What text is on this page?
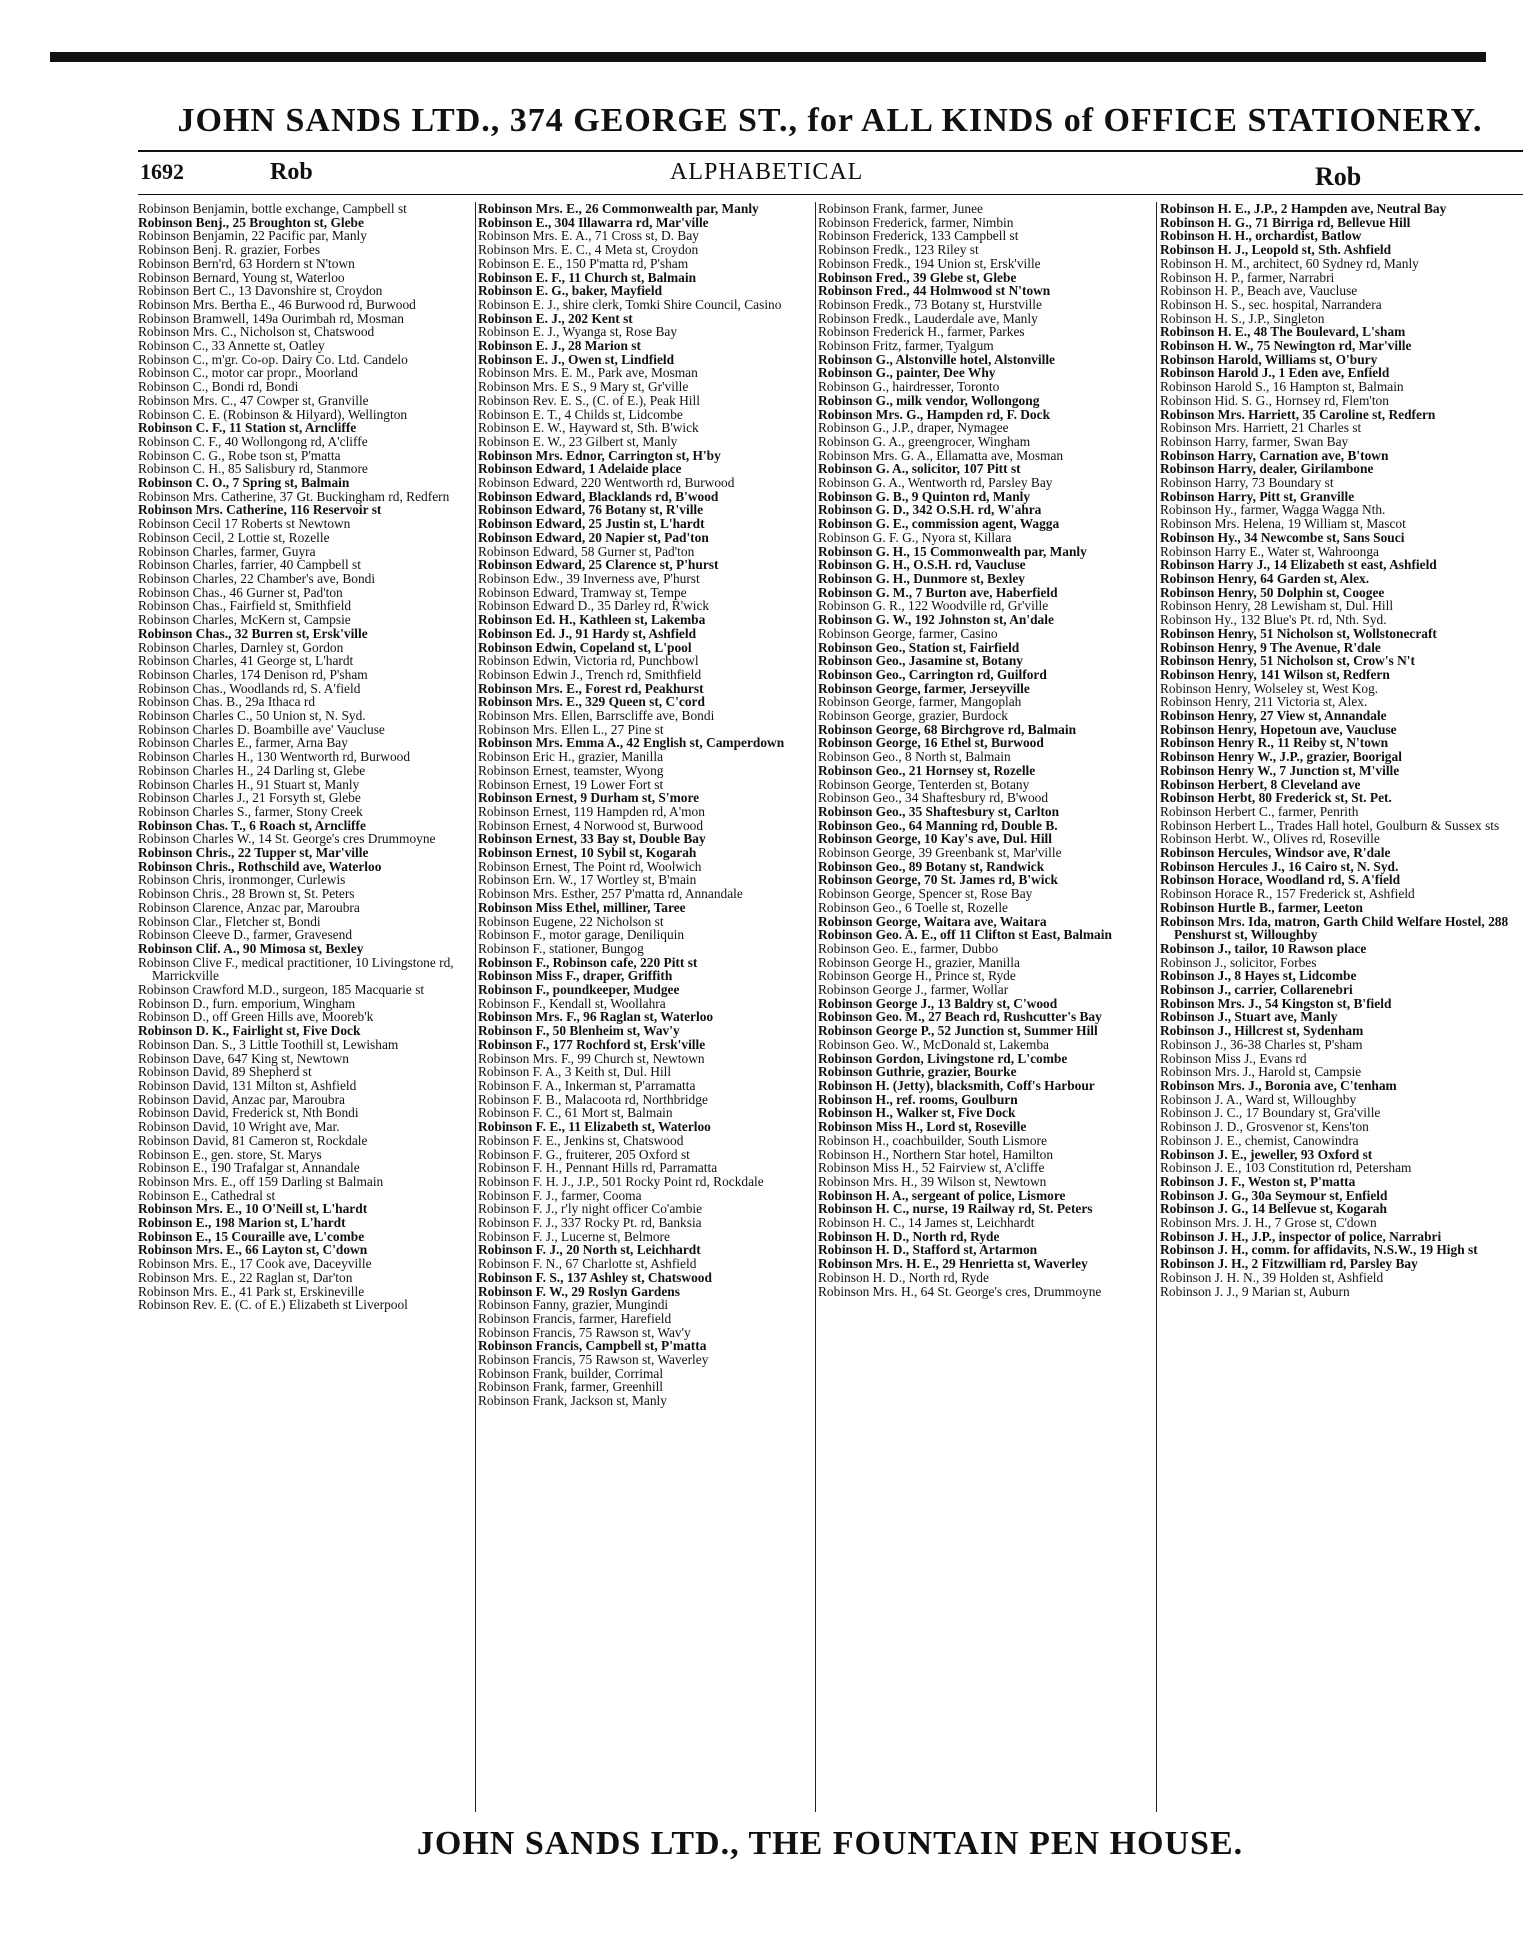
JOHN SANDS LTD., 374 GEORGE ST., for ALL KINDS of OFFICE STATIONERY.
1692	Rob	ALPHABETICAL	Rob

Robinson Benjamin, bottle exchange, Campbell st

Robinson Benj., 25 Broughton st, Glebe

Robinson Benjamin, 22 Pacific par, Manly

Robinson Benj. R. grazier, Forbes

Robinson Bern'rd, 63 Hordern st N'town

Robinson Bernard, Young st, Waterloo

Robinson Bert C., 13 Davonshire st, Croydon

Robinson Mrs. Bertha E., 46 Burwood rd, Burwood

Robinson Bramwell, 149a Ourimbah rd, Mosman

Robinson Mrs. C., Nicholson st, Chatswood

Robinson C., 33 Annette st, Oatley

Robinson C., m'gr. Co-op. Dairy Co. Ltd. Candelo

Robinson C., motor car propr., Moorland

Robinson C., Bondi rd, Bondi

Robinson Mrs. C., 47 Cowper st, Granville

Robinson C. E. (Robinson & Hilyard), Wellington

Robinson C. F., 11 Station st, Arncliffe

Robinson C. F., 40 Wollongong rd, A'cliffe

Robinson C. G., Robe tson st, P'matta

Robinson C. H., 85 Salisbury rd, Stanmore

Robinson C. O., 7 Spring st, Balmain

Robinson Mrs. Catherine, 37 Gt. Buckingham rd, Redfern

Robinson Mrs. Catherine, 116 Reservoir st

Robinson Cecil 17 Roberts st Newtown

Robinson Cecil, 2 Lottie st, Rozelle

Robinson Charles, farmer, Guyra

Robinson Charles, farrier, 40 Campbell st

Robinson Charles, 22 Chamber's ave, Bondi

Robinson Chas., 46 Gurner st, Pad'ton

Robinson Chas., Fairfield st, Smithfield

Robinson Charles, McKern st, Campsie

Robinson Chas., 32 Burren st, Ersk'ville

Robinson Charles, Darnley st, Gordon

Robinson Charles, 41 George st, L'hardt

Robinson Charles, 174 Denison rd, P'sham

Robinson Chas., Woodlands rd, S. A'field

Robinson Chas. B., 29a Ithaca rd

Robinson Charles C., 50 Union st, N. Syd.

Robinson Charles D. Boambille ave' Vaucluse

Robinson Charles E., farmer, Arna Bay

Robinson Charles H., 130 Wentworth rd, Burwood

Robinson Charles H., 24 Darling st, Glebe

Robinson Charles H., 91 Stuart st, Manly

Robinson Charles J., 21 Forsyth st, Glebe

Robinson Charles S., farmer, Stony Creek

Robinson Chas. T., 6 Roach st, Arncliffe

Robinson Charles W., 14 St. George's cres Drummoyne

Robinson Chris., 22 Tupper st, Mar'ville

Robinson Chris., Rothschild ave, Waterloo

Robinson Chris, ironmonger, Curlewis

Robinson Chris., 28 Brown st, St. Peters

Robinson Clarence, Anzac par, Maroubra

Robinson Clar., Fletcher st, Bondi

Robinson Cleeve D., farmer, Gravesend

Robinson Clif. A., 90 Mimosa st, Bexley

Robinson Clive F., medical practitioner, 10 Livingstone rd, Marrickville

Robinson Crawford M.D., surgeon, 185 Macquarie st

Robinson D., furn. emporium, Wingham

Robinson D., off Green Hills ave, Mooreb'k

Robinson D. K., Fairlight st, Five Dock

Robinson Dan. S., 3 Little Toothill st, Lewisham

Robinson Dave, 647 King st, Newtown

Robinson David, 89 Shepherd st

Robinson David, 131 Milton st, Ashfield

Robinson David, Anzac par, Maroubra

Robinson David, Frederick st, Nth Bondi

Robinson David, 10 Wright ave, Mar.

Robinson David, 81 Cameron st, Rockdale

Robinson E., gen. store, St. Marys

Robinson E., 190 Trafalgar st, Annandale

Robinson Mrs. E., off 159 Darling st Balmain

Robinson E., Cathedral st

Robinson Mrs. E., 10 O'Neill st, L'hardt

Robinson E., 198 Marion st, L'hardt

Robinson E., 15 Couraille ave, L'combe

Robinson Mrs. E., 66 Layton st, C'down

Robinson Mrs. E., 17 Cook ave, Daceyville

Robinson Mrs. E., 22 Raglan st, Dar'ton

Robinson Mrs. E., 41 Park st, Erskineville

Robinson Rev. E. (C. of E.) Elizabeth st Liverpool

Robinson Mrs. E., 26 Commonwealth par, Manly

Robinson E., 304 Illawarra rd, Mar'ville

Robinson Mrs. E. A., 71 Cross st, D. Bay

Robinson Mrs. E. C., 4 Meta st, Croydon

Robinson E. E., 150 P'matta rd, P'sham

Robinson E. F., 11 Church st, Balmain

Robinson E. G., baker, Mayfield

Robinson E. J., shire clerk, Tomki Shire Council, Casino

Robinson E. J., 202 Kent st

Robinson E. J., Wyanga st, Rose Bay

Robinson E. J., 28 Marion st

Robinson E. J., Owen st, Lindfield

Robinson Mrs. E. M., Park ave, Mosman

Robinson Mrs. E S., 9 Mary st, Gr'ville

Robinson Rev. E. S., (C. of E.), Peak Hill

Robinson E. T., 4 Childs st, Lidcombe

Robinson E. W., Hayward st, Sth. B'wick

Robinson E. W., 23 Gilbert st, Manly

Robinson Mrs. Ednor, Carrington st, H'by

Robinson Edward, 1 Adelaide place

Robinson Edward, 220 Wentworth rd, Burwood

Robinson Edward, Blacklands rd, B'wood

Robinson Edward, 76 Botany st, R'ville

Robinson Edward, 25 Justin st, L'hardt

Robinson Edward, 20 Napier st, Pad'ton

Robinson Edward, 58 Gurner st, Pad'ton

Robinson Edward, 25 Clarence st, P'hurst

Robinson Edw., 39 Inverness ave, P'hurst

Robinson Edward, Tramway st, Tempe

Robinson Edward D., 35 Darley rd, R'wick

Robinson Ed. H., Kathleen st, Lakemba

Robinson Ed. J., 91 Hardy st, Ashfield

Robinson Edwin, Copeland st, L'pool

Robinson Edwin, Victoria rd, Punchbowl

Robinson Edwin J., Trench rd, Smithfield

Robinson Mrs. E., Forest rd, Peakhurst

Robinson Mrs. E., 329 Queen st, C'cord

Robinson Mrs. Ellen, Barrscliffe ave, Bondi

Robinson Mrs. Ellen L., 27 Pine st

Robinson Mrs. Emma A., 42 English st, Camperdown

Robinson Eric H., grazier, Manilla

Robinson Ernest, teamster, Wyong

Robinson Ernest, 19 Lower Fort st

Robinson Ernest, 9 Durham st, S'more

Robinson Ernest, 119 Hampden rd, A'mon

Robinson Ernest, 4 Norwood st, Burwood

Robinson Ernest, 33 Bay st, Double Bay

Robinson Ernest, 10 Sybil st, Kogarah

Robinson Ernest, The Point rd, Woolwich

Robinson Ern. W., 17 Wortley st, B'main

Robinson Mrs. Esther, 257 P'matta rd, Annandale

Robinson Miss Ethel, milliner, Taree

Robinson Eugene, 22 Nicholson st

Robinson F., motor garage, Deniliquin

Robinson F., stationer, Bungog

Robinson F., Robinson cafe, 220 Pitt st

Robinson Miss F., draper, Griffith

Robinson F., poundkeeper, Mudgee

Robinson F., Kendall st, Woollahra

Robinson Mrs. F., 96 Raglan st, Waterloo

Robinson F., 50 Blenheim st, Wav'y

Robinson F., 177 Rochford st, Ersk'ville

Robinson Mrs. F., 99 Church st, Newtown

Robinson F. A., 3 Keith st, Dul. Hill

Robinson F. A., Inkerman st, P'arramatta

Robinson F. B., Malacoota rd, Northbridge

Robinson F. C., 61 Mort st, Balmain

Robinson F. E., 11 Elizabeth st, Waterloo

Robinson F. E., Jenkins st, Chatswood

Robinson F. G., fruiterer, 205 Oxford st

Robinson F. H., Pennant Hills rd, Parramatta

Robinson F. H. J., J.P., 501 Rocky Point rd, Rockdale

Robinson F. J., farmer, Cooma

Robinson F. J., r'ly night officer Co'ambie

Robinson F. J., 337 Rocky Pt. rd, Banksia

Robinson F. J., Lucerne st, Belmore

Robinson F. J., 20 North st, Leichhardt

Robinson F. N., 67 Charlotte st, Ashfield

Robinson F. S., 137 Ashley st, Chatswood

Robinson F. W., 29 Roslyn Gardens

Robinson Fanny, grazier, Mungindi

Robinson Francis, farmer, Harefield

Robinson Francis, 75 Rawson st, Wav'y

Robinson Francis, Campbell st, P'matta

Robinson Francis, 75 Rawson st, Waverley

Robinson Frank, builder, Corrimal

Robinson Frank, farmer, Greenhill

Robinson Frank, Jackson st, Manly

Robinson Frank, farmer, Junee

Robinson Frederick, farmer, Nimbin

Robinson Frederick, 133 Campbell st

Robinson Fredk., 123 Riley st

Robinson Fredk., 194 Union st, Ersk'ville

Robinson Fred., 39 Glebe st, Glebe

Robinson Fred., 44 Holmwood st N'town

Robinson Fredk., 73 Botany st, Hurstville

Robinson Fredk., Lauderdale ave, Manly

Robinson Frederick H., farmer, Parkes

Robinson Fritz, farmer, Tyalgum

Robinson G., Alstonville hotel, Alstonville

Robinson G., painter, Dee Why

Robinson G., hairdresser, Toronto

Robinson G., milk vendor, Wollongong

Robinson Mrs. G., Hampden rd, F. Dock

Robinson G., J.P., draper, Nymagee

Robinson G. A., greengrocer, Wingham

Robinson Mrs. G. A., Ellamatta ave, Mosman

Robinson G. A., solicitor, 107 Pitt st

Robinson G. A., Wentworth rd, Parsley Bay

Robinson G. B., 9 Quinton rd, Manly

Robinson G. D., 342 O.S.H. rd, W'ahra

Robinson G. E., commission agent, Wagga

Robinson G. F. G., Nyora st, Killara

Robinson G. H., 15 Commonwealth par, Manly

Robinson G. H., O.S.H. rd, Vaucluse

Robinson G. H., Dunmore st, Bexley

Robinson G. M., 7 Burton ave, Haberfield

Robinson G. R., 122 Woodville rd, Gr'ville

Robinson G. W., 192 Johnston st, An'dale

Robinson George, farmer, Casino

Robinson Geo., Station st, Fairfield

Robinson Geo., Jasamine st, Botany

Robinson Geo., Carrington rd, Guilford

Robinson George, farmer, Jerseyville

Robinson George, farmer, Mangoplah

Robinson George, grazier, Burdock

Robinson George, 68 Birchgrove rd, Balmain

Robinson George, 16 Ethel st, Burwood

Robinson Geo., 8 North st, Balmain

Robinson Geo., 21 Hornsey st, Rozelle

Robinson George, Tenterden st, Botany

Robinson Geo., 34 Shaftesbury rd, B'wood

Robinson Geo., 35 Shaftesbury st, Carlton

Robinson Geo., 64 Manning rd, Double B.

Robinson George, 10 Kay's ave, Dul. Hill

Robinson George, 39 Greenbank st, Mar'ville

Robinson Geo., 89 Botany st, Randwick

Robinson George, 70 St. James rd, B'wick

Robinson George, Spencer st, Rose Bay

Robinson Geo., 6 Toelle st, Rozelle

Robinson George, Waitara ave, Waitara

Robinson Geo. A. E., off 11 Clifton st East, Balmain

Robinson Geo. E., farmer, Dubbo

Robinson George H., grazier, Manilla

Robinson George H., Prince st, Ryde

Robinson George J., farmer, Wollar

Robinson George J., 13 Baldry st, C'wood

Robinson Geo. M., 27 Beach rd, Rushcutter's Bay

Robinson George P., 52 Junction st, Summer Hill

Robinson Geo. W., McDonald st, Lakemba

Robinson Gordon, Livingstone rd, L'combe

Robinson Guthrie, grazier, Bourke

Robinson H. (Jetty), blacksmith, Coff's Harbour

Robinson H., ref. rooms, Goulburn

Robinson H., Walker st, Five Dock

Robinson Miss H., Lord st, Roseville

Robinson H., coachbuilder, South Lismore

Robinson H., Northern Star hotel, Hamilton

Robinson Miss H., 52 Fairview st, A'cliffe

Robinson Mrs. H., 39 Wilson st, Newtown

Robinson H. A., sergeant of police, Lismore

Robinson H. C., nurse, 19 Railway rd, St. Peters

Robinson H. C., 14 James st, Leichhardt

Robinson H. D., North rd, Ryde

Robinson H. D., Stafford st, Artarmon

Robinson Mrs. H. E., 29 Henrietta st, Waverley

Robinson H. D., North rd, Ryde

Robinson Mrs. H., 64 St. George's cres, Drummoyne

Robinson H. E., J.P., 2 Hampden ave, Neutral Bay

Robinson H. G., 71 Birriga rd, Bellevue Hill

Robinson H. H., orchardist, Batlow

Robinson H. J., Leopold st, Sth. Ashfield

Robinson H. M., architect, 60 Sydney rd, Manly

Robinson H. P., farmer, Narrabri

Robinson H. P., Beach ave, Vaucluse

Robinson H. S., sec. hospital, Narrandera

Robinson H. S., J.P., Singleton

Robinson H. E., 48 The Boulevard, L'sham

Robinson H. W., 75 Newington rd, Mar'ville

Robinson Harold, Williams st, O'bury

Robinson Harold J., 1 Eden ave, Enfield

Robinson Harold S., 16 Hampton st, Balmain

Robinson Hid. S. G., Hornsey rd, Flem'ton

Robinson Mrs. Harriett, 35 Caroline st, Redfern

Robinson Mrs. Harriett, 21 Charles st

Robinson Harry, farmer, Swan Bay

Robinson Harry, Carnation ave, B'town

Robinson Harry, dealer, Girilambone

Robinson Harry, 73 Boundary st

Robinson Harry, Pitt st, Granville

Robinson Hy., farmer, Wagga Wagga Nth.

Robinson Mrs. Helena, 19 William st, Mascot

Robinson Hy., 34 Newcombe st, Sans Souci

Robinson Harry E., Water st, Wahroonga

Robinson Harry J., 14 Elizabeth st east, Ashfield

Robinson Henry, 64 Garden st, Alex.

Robinson Henry, 50 Dolphin st, Coogee

Robinson Henry, 28 Lewisham st, Dul. Hill

Robinson Hy., 132 Blue's Pt. rd, Nth. Syd.

Robinson Henry, 51 Nicholson st, Wollstonecraft

Robinson Henry, 9 The Avenue, R'dale

Robinson Henry, 51 Nicholson st, Crow's N't

Robinson Henry, 141 Wilson st, Redfern

Robinson Henry, Wolseley st, West Kog.

Robinson Henry, 211 Victoria st, Alex.

Robinson Henry, 27 View st, Annandale

Robinson Henry, Hopetoun ave, Vaucluse

Robinson Henry R., 11 Reiby st, N'town

Robinson Henry W., J.P., grazier, Boorigal

Robinson Henry W., 7 Junction st, M'ville

Robinson Herbert, 8 Cleveland ave

Robinson Herbt, 80 Frederick st, St. Pet.

Robinson Herbert C., farmer, Penrith

Robinson Herbert L., Trades Hall hotel, Goulburn & Sussex sts

Robinson Herbt. W., Olives rd, Roseville

Robinson Hercules, Windsor ave, R'dale

Robinson Hercules J., 16 Cairo st, N. Syd.

Robinson Horace, Woodland rd, S. A'field

Robinson Horace R., 157 Frederick st, Ashfield

Robinson Hurtle B., farmer, Leeton

Robinson Mrs. Ida, matron, Garth Child Welfare Hostel, 288 Penshurst st, Willoughby

Robinson J., tailor, 10 Rawson place

Robinson J., solicitor, Forbes

Robinson J., 8 Hayes st, Lidcombe

Robinson J., carrier, Collarenebri

Robinson Mrs. J., 54 Kingston st, B'field

Robinson J., Stuart ave, Manly

Robinson J., Hillcrest st, Sydenham

Robinson J., 36-38 Charles st, P'sham

Robinson Miss J., Evans rd

Robinson Mrs. J., Harold st, Campsie

Robinson Mrs. J., Boronia ave, C'tenham

Robinson J. A., Ward st, Willoughby

Robinson J. C., 17 Boundary st, Gra'ville

Robinson J. D., Grosvenor st, Kens'ton

Robinson J. E., chemist, Canowindra

Robinson J. E., jeweller, 93 Oxford st

Robinson J. E., 103 Constitution rd, Petersham

Robinson J. F., Weston st, P'matta

Robinson J. G., 30a Seymour st, Enfield

Robinson J. G., 14 Bellevue st, Kogarah

Robinson Mrs. J. H., 7 Grose st, C'down

Robinson J. H., J.P., inspector of police, Narrabri

Robinson J. H., comm. for affidavits, N.S.W., 19 High st

Robinson J. H., 2 Fitzwilliam rd, Parsley Bay

Robinson J. H. N., 39 Holden st, Ashfield

Robinson J. J., 9 Marian st, Auburn

JOHN SANDS LTD., THE FOUNTAIN PEN HOUSE.
